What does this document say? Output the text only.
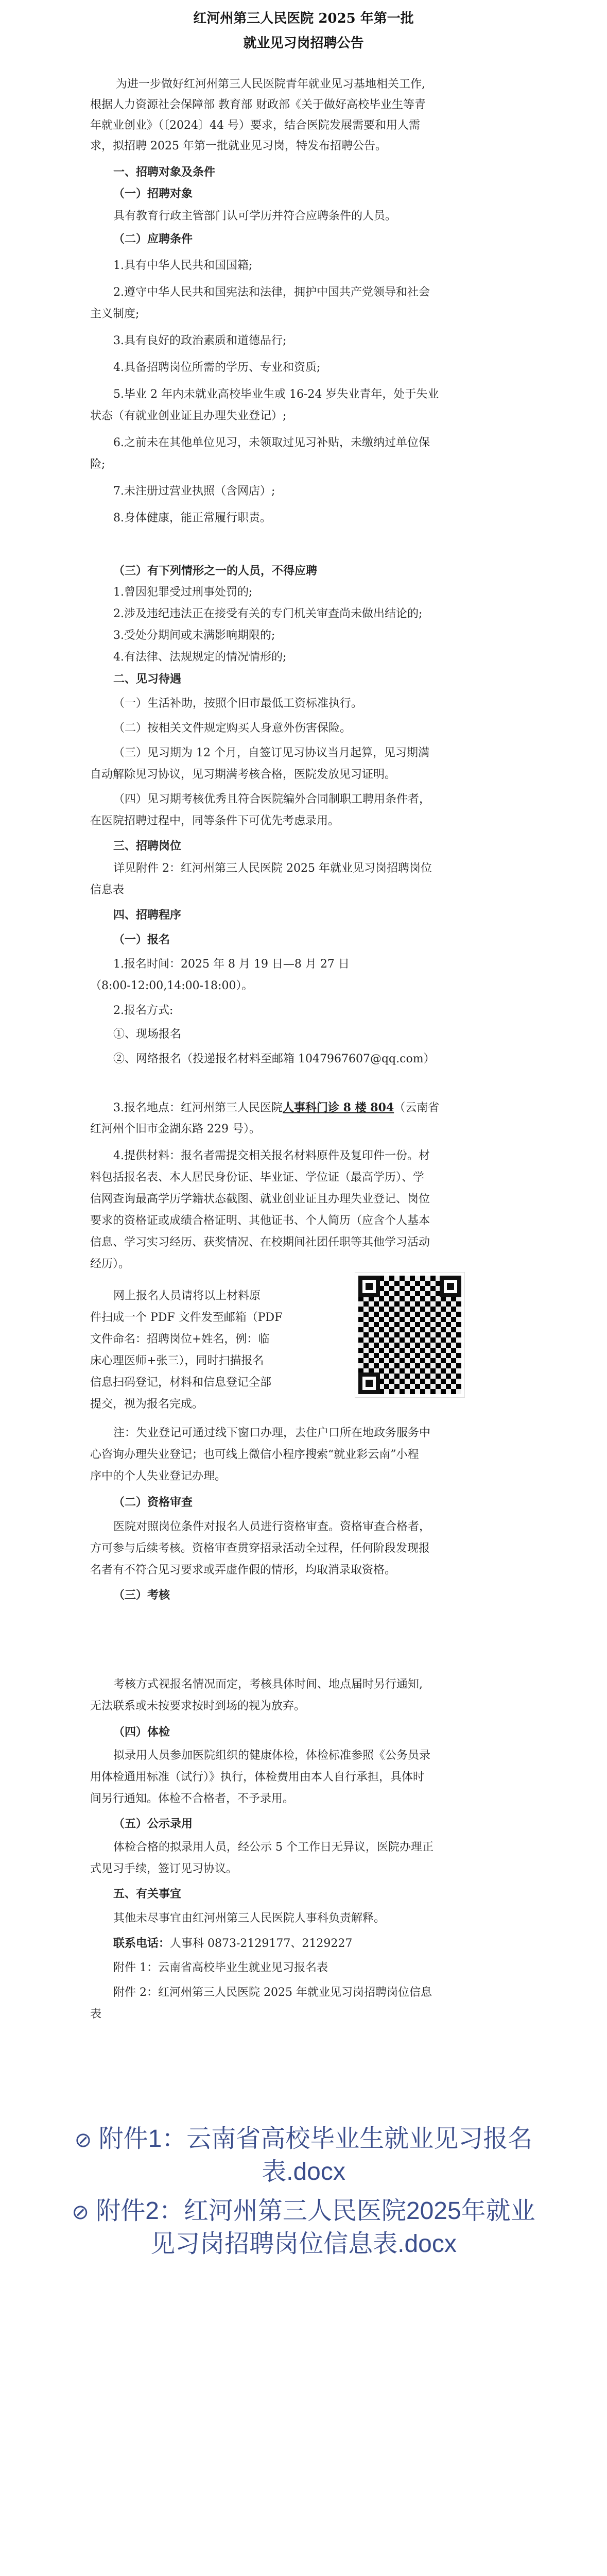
红河州第三人民医院 2025 年第一批
就业见习岗招聘公告
为进一步做好红河州第三人民医院青年就业见习基地相关工作,
根据人力资源社会保障部 教育部 财政部《关于做好高校毕业生等青
年就业创业》（〔2024〕44 号）要求，结合医院发展需要和用人需
求，拟招聘 2025 年第一批就业见习岗，特发布招聘公告。
一、招聘对象及条件
（一）招聘对象
具有教育行政主管部门认可学历并符合应聘条件的人员。
（二）应聘条件
1.具有中华人民共和国国籍;
2.遵守中华人民共和国宪法和法律，拥护中国共产党领导和社会
主义制度;
3.具有良好的政治素质和道德品行;
4.具备招聘岗位所需的学历、专业和资质;
5.毕业 2 年内未就业高校毕业生或 16-24 岁失业青年，处于失业
状态（有就业创业证且办理失业登记）;
6.之前未在其他单位见习，未领取过见习补贴，未缴纳过单位保
险;
7.未注册过营业执照（含网店）;
8.身体健康，能正常履行职责。
（三）有下列情形之一的人员，不得应聘
1.曾因犯罪受过刑事处罚的;
2.涉及违纪违法正在接受有关的专门机关审查尚未做出结论的;
3.受处分期间或未满影响期限的;
4.有法律、法规规定的情况情形的;
二、见习待遇
（一）生活补助，按照个旧市最低工资标准执行。
（二）按相关文件规定购买人身意外伤害保险。
（三）见习期为 12 个月，自签订见习协议当月起算，见习期满
自动解除见习协议，见习期满考核合格，医院发放见习证明。
（四）见习期考核优秀且符合医院编外合同制职工聘用条件者，
在医院招聘过程中，同等条件下可优先考虑录用。
三、招聘岗位
详见附件 2：红河州第三人民医院 2025 年就业见习岗招聘岗位
信息表
四、招聘程序
（一）报名
1.报名时间：2025 年 8 月 19 日—8 月 27 日
（8:00-12:00,14:00-18:00）。
2.报名方式:
①、现场报名
②、网络报名（投递报名材料至邮箱 1047967607@qq.com）
3.报名地点：红河州第三人民医院人事科门诊 8 楼 804（云南省
红河州个旧市金湖东路 229 号）。
4.提供材料：报名者需提交相关报名材料原件及复印件一份。材
料包括报名表、本人居民身份证、毕业证、学位证（最高学历）、学
信网查询最高学历学籍状态截图、就业创业证且办理失业登记、岗位
要求的资格证或成绩合格证明、其他证书、个人简历（应含个人基本
信息、学习实习经历、获奖情况、在校期间社团任职等其他学习活动
经历）。
网上报名人员请将以上材料原
件扫成一个 PDF 文件发至邮箱（PDF
文件命名：招聘岗位+姓名，例：临
床心理医师+张三），同时扫描报名
信息扫码登记，材料和信息登记全部
提交，视为报名完成。
注：失业登记可通过线下窗口办理，去住户口所在地政务服务中
心咨询办理失业登记；也可线上微信小程序搜索“就业彩云南”小程
序中的个人失业登记办理。
（二）资格审查
医院对照岗位条件对报名人员进行资格审查。资格审查合格者，
方可参与后续考核。资格审查贯穿招录活动全过程，任何阶段发现报
名者有不符合见习要求或弄虚作假的情形，均取消录取资格。
（三）考核
考核方式视报名情况而定，考核具体时间、地点届时另行通知,
无法联系或未按要求按时到场的视为放弃。
（四）体检
拟录用人员参加医院组织的健康体检，体检标准参照《公务员录
用体检通用标准（试行）》执行，体检费用由本人自行承担，具体时
间另行通知。体检不合格者，不予录用。
（五）公示录用
体检合格的拟录用人员，经公示 5 个工作日无异议，医院办理正
式见习手续，签订见习协议。
五、有关事宜
其他未尽事宜由红河州第三人民医院人事科负责解释。
联系电话：人事科 0873-2129177、2129227
附件 1：云南省高校毕业生就业见习报名表
附件 2：红河州第三人民医院 2025 年就业见习岗招聘岗位信息
表
⊘ 附件1：云南省高校毕业生就业见习报名
表.docx
⊘ 附件2：红河州第三人民医院2025年就业
见习岗招聘岗位信息表.docx
